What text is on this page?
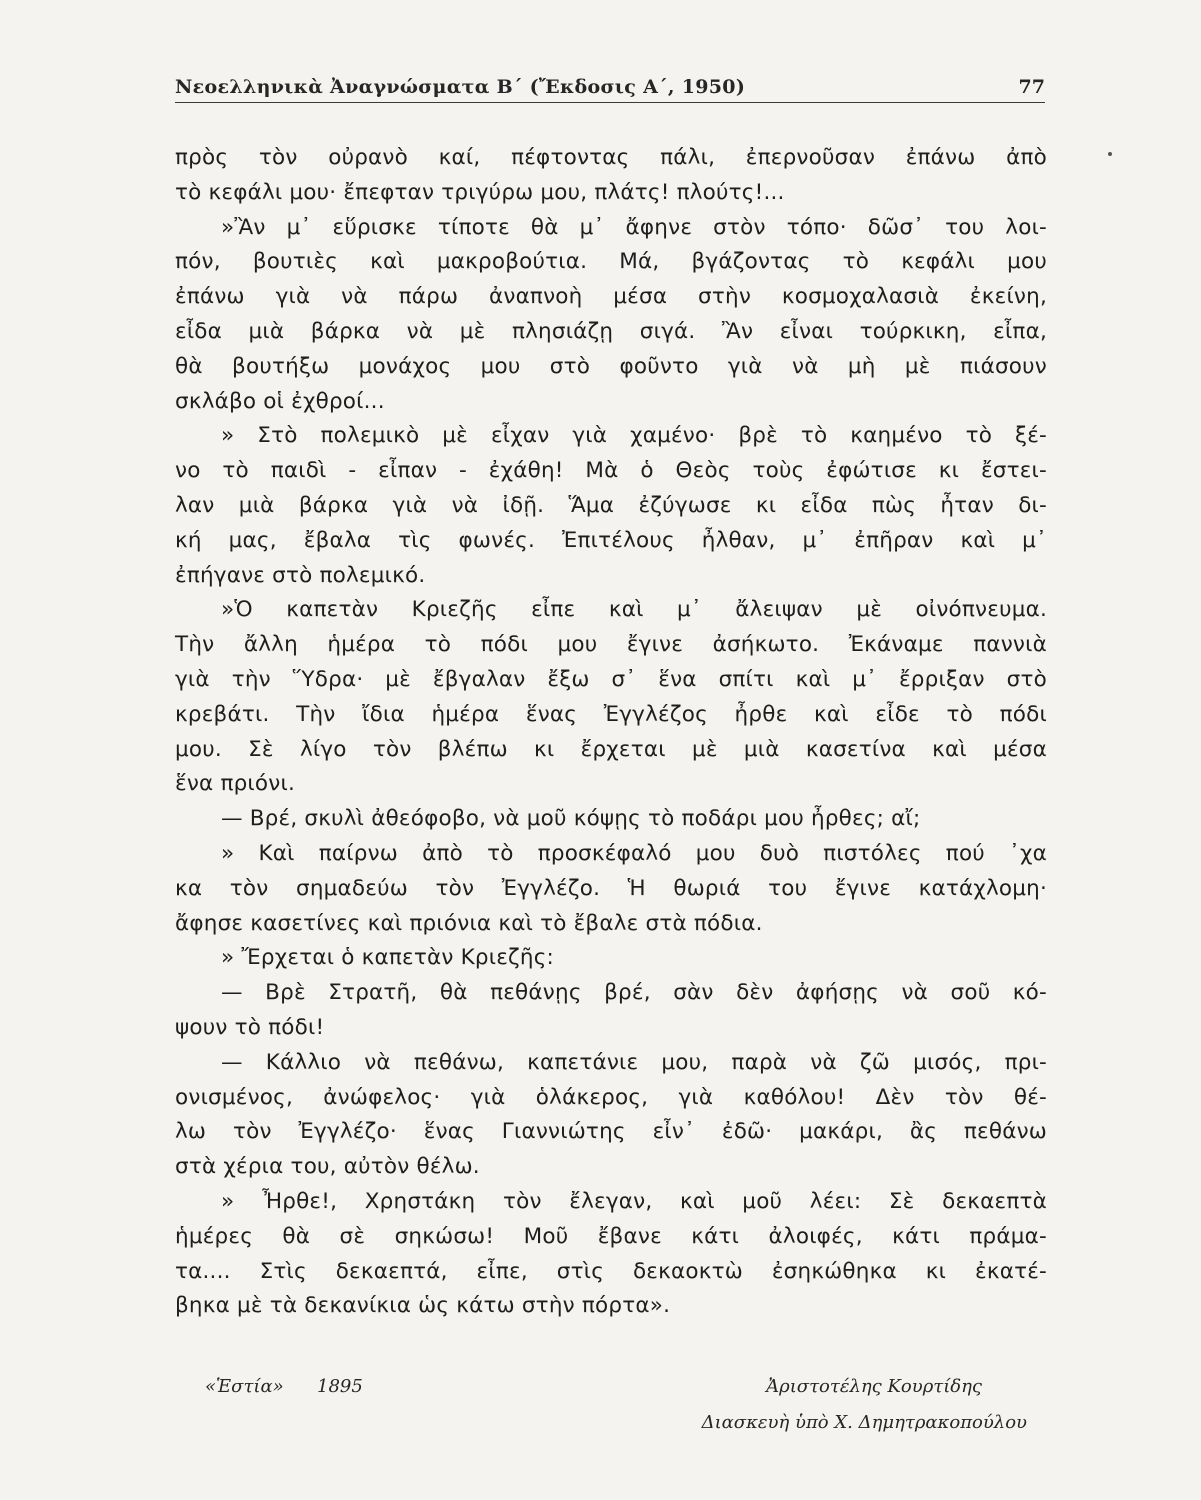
Νεοελληνικὰ Ἀναγνώσματα Β΄ (Ἔκδοσις Α΄, 1950)	77
πρὸς τὸν οὐρανὸ καί, πέφτοντας πάλι, ἐπερνοῦσαν ἐπάνω ἀπὸ
τὸ κεφάλι μου· ἔπεφταν τριγύρω μου, πλάτς! πλούτς!...
»Ἂν μ᾽ εὕρισκε τίποτε θὰ μ᾽ ἄφηνε στὸν τόπο· δῶσ᾽ του λοι-
πόν, βουτιὲς καὶ μακροβούτια. Μά, βγάζοντας τὸ κεφάλι μου
ἐπάνω γιὰ νὰ πάρω ἀναπνοὴ μέσα στὴν κοσμοχαλασιὰ ἐκείνη,
εἶδα μιὰ βάρκα νὰ μὲ πλησιάζῃ σιγά. Ἂν εἶναι τούρκικη, εἶπα,
θὰ βουτήξω μονάχος μου στὸ φοῦντο γιὰ νὰ μὴ μὲ πιάσουν
σκλάβο οἱ ἐχθροί...
» Στὸ πολεμικὸ μὲ εἶχαν γιὰ χαμένο· βρὲ τὸ καημένο τὸ ξέ-
νο τὸ παιδὶ - εἶπαν - ἐχάθη! Μὰ ὁ Θεὸς τοὺς ἐφώτισε κι ἔστει-
λαν μιὰ βάρκα γιὰ νὰ ἰδῇ. Ἅμα ἐζύγωσε κι εἶδα πὼς ἦταν δι-
κή μας, ἔβαλα τὶς φωνές. Ἐπιτέλους ἦλθαν, μ᾽ ἐπῆραν καὶ μ᾽
ἐπήγανε στὸ πολεμικό.
»Ὁ καπετὰν Κριεζῆς εἶπε καὶ μ᾽ ἄλειψαν μὲ οἰνόπνευμα.
Τὴν ἄλλη ἡμέρα τὸ πόδι μου ἔγινε ἀσήκωτο. Ἐκάναμε παννιὰ
γιὰ τὴν Ὕδρα· μὲ ἔβγαλαν ἔξω σ᾽ ἕνα σπίτι καὶ μ᾽ ἔρριξαν στὸ
κρεβάτι. Τὴν ἴδια ἡμέρα ἕνας Ἐγγλέζος ἦρθε καὶ εἶδε τὸ πόδι
μου. Σὲ λίγο τὸν βλέπω κι ἔρχεται μὲ μιὰ κασετίνα καὶ μέσα
ἕνα πριόνι.
— Βρέ, σκυλὶ ἀθεόφοβο, νὰ μοῦ κόψῃς τὸ ποδάρι μου ἦρθες; αἴ;
» Καὶ παίρνω ἀπὸ τὸ προσκέφαλό μου δυὸ πιστόλες πού ᾽χα
κα τὸν σημαδεύω τὸν Ἐγγλέζο. Ἡ θωριά του ἔγινε κατάχλομη·
ἄφησε κασετίνες καὶ πριόνια καὶ τὸ ἔβαλε στὰ πόδια.
» Ἔρχεται ὁ καπετὰν Κριεζῆς:
— Βρὲ Στρατῆ, θὰ πεθάνῃς βρέ, σὰν δὲν ἀφήσῃς νὰ σοῦ κό-
ψουν τὸ πόδι!
— Κάλλιο νὰ πεθάνω, καπετάνιε μου, παρὰ νὰ ζῶ μισός, πρι-
ονισμένος, ἀνώφελος· γιὰ ὁλάκερος, γιὰ καθόλου! Δὲν τὸν θέ-
λω τὸν Ἐγγλέζο· ἕνας Γιαννιώτης εἶν᾽ ἐδῶ· μακάρι, ἂς πεθάνω
στὰ χέρια του, αὐτὸν θέλω.
» Ἦρθε!, Χρηστάκη τὸν ἔλεγαν, καὶ μοῦ λέει: Σὲ δεκαεπτὰ
ἡμέρες θὰ σὲ σηκώσω! Μοῦ ἔβανε κάτι ἀλοιφές, κάτι πράμα-
τα.... Στὶς δεκαεπτά, εἶπε, στὶς δεκαοκτὼ ἐσηκώθηκα κι ἐκατέ-
βηκα μὲ τὰ δεκανίκια ὡς κάτω στὴν πόρτα».
«Ἑστία» 1895	Ἀριστοτέλης Κουρτίδης
Διασκευὴ ὑπὸ Χ. Δημητρακοπούλου
